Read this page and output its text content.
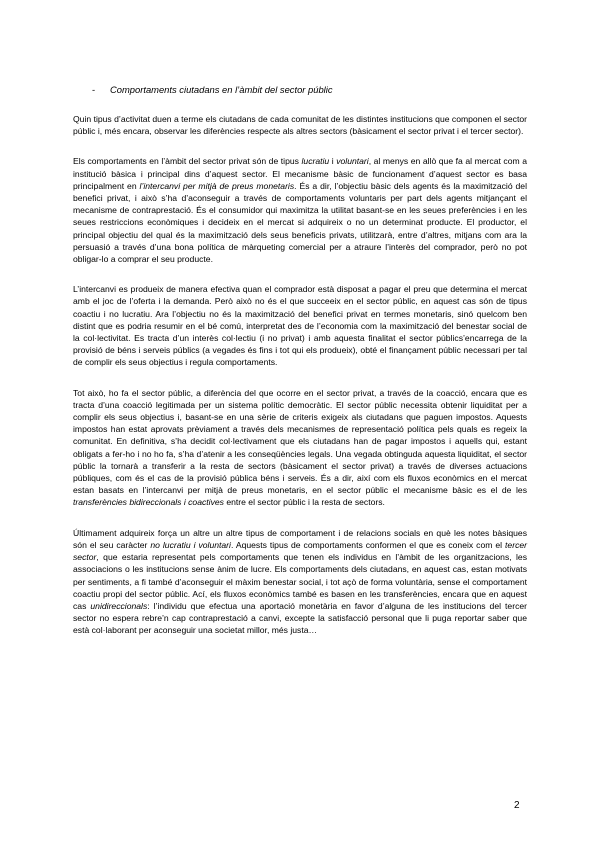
- Comportaments ciutadans en l’àmbit del sector públic

Quin tipus d’activitat duen a terme els ciutadans de cada comunitat de les distintes institucions que componen el sector públic i, més encara, observar les diferències respecte als altres sectors (bàsicament el sector privat i el tercer sector).

Els comportaments en l’àmbit del sector privat són de tipus lucratiu i voluntari, al menys en allò que fa al mercat com a institució bàsica i principal dins d’aquest sector. El mecanisme bàsic de funcionament d’aquest sector es basa principalment en l’intercanvi per mitjà de preus monetaris. És a dir, l’objectiu bàsic dels agents és la maximització del benefici privat, i això s’ha d’aconseguir a través de comportaments voluntaris per part dels agents mitjançant el mecanisme de contraprestació. És el consumidor qui maximitza la utilitat basant-se en les seues preferències i en les seues restriccions econòmiques i decideix en el mercat si adquireix o no un determinat producte. El productor, el principal objectiu del qual és la maximització dels seus beneficis privats, utilitzarà, entre d’altres, mitjans com ara la persuasió a través d’una bona política de màrqueting comercial per a atraure l’interès del comprador, però no pot obligar-lo a comprar el seu producte.

L’intercanvi es produeix de manera efectiva quan el comprador està disposat a pagar el preu que determina el mercat amb el joc de l’oferta i la demanda. Però això no és el que succeeix en el sector públic, en aquest cas són de tipus coactiu i no lucratiu. Ara l’objectiu no és la maximització del benefici privat en termes monetaris, sinó quelcom ben distint que es podria resumir en el bé comú, interpretat des de l’economia com la maximització del benestar social de la col·lectivitat. Es tracta d’un interès col·lectiu (i no privat) i amb aquesta finalitat el sector públics’encarrega de la provisió de béns i serveis públics (a vegades és fins i tot qui els produeix), obté el finançament públic necessari per tal de complir els seus objectius i regula comportaments.

Tot això, ho fa el sector públic, a diferència del que ocorre en el sector privat, a través de la coacció, encara que es tracta d’una coacció legitimada per un sistema polític democràtic. El sector públic necessita obtenir liquiditat per a complir els seus objectius i, basant-se en una sèrie de criteris exigeix als ciutadans que paguen impostos. Aquests impostos han estat aprovats prèviament a través dels mecanismes de representació política pels quals es regeix la comunitat. En definitiva, s’ha decidit col·lectivament que els ciutadans han de pagar impostos i aquells qui, estant obligats a fer-ho i no ho fa, s’ha d’atenir a les conseqüències legals. Una vegada obtinguda aquesta liquiditat, el sector públic la tornarà a transferir a la resta de sectors (bàsicament el sector privat) a través de diverses actuacions públiques, com és el cas de la provisió pública béns i serveis. És a dir, així com els fluxos econòmics en el mercat estan basats en l’intercanvi per mitjà de preus monetaris, en el sector públic el mecanisme bàsic es el de les transferències bidireccionals i coactives entre el sector públic i la resta de sectors.

Últimament adquireix força un altre un altre tipus de comportament i de relacions socials en què les notes bàsiques són el seu caràcter no lucratiu i voluntari. Aquests tipus de comportaments conformen el que es coneix com el tercer sector, que estaria representat pels comportaments que tenen els individus en l’àmbit de les organitzacions, les associacions o les institucions sense ànim de lucre. Els comportaments dels ciutadans, en aquest cas, estan motivats per sentiments, a fi també d’aconseguir el màxim benestar social, i tot açò de forma voluntària, sense el comportament coactiu propi del sector públic. Ací, els fluxos econòmics també es basen en les transferències, encara que en aquest cas unidireccionals: l’individu que efectua una aportació monetària en favor d’alguna de les institucions del tercer sector no espera rebre’n cap contraprestació a canvi, excepte la satisfacció personal que li puga reportar saber que està col·laborant per aconseguir una societat millor, més justa…

2
